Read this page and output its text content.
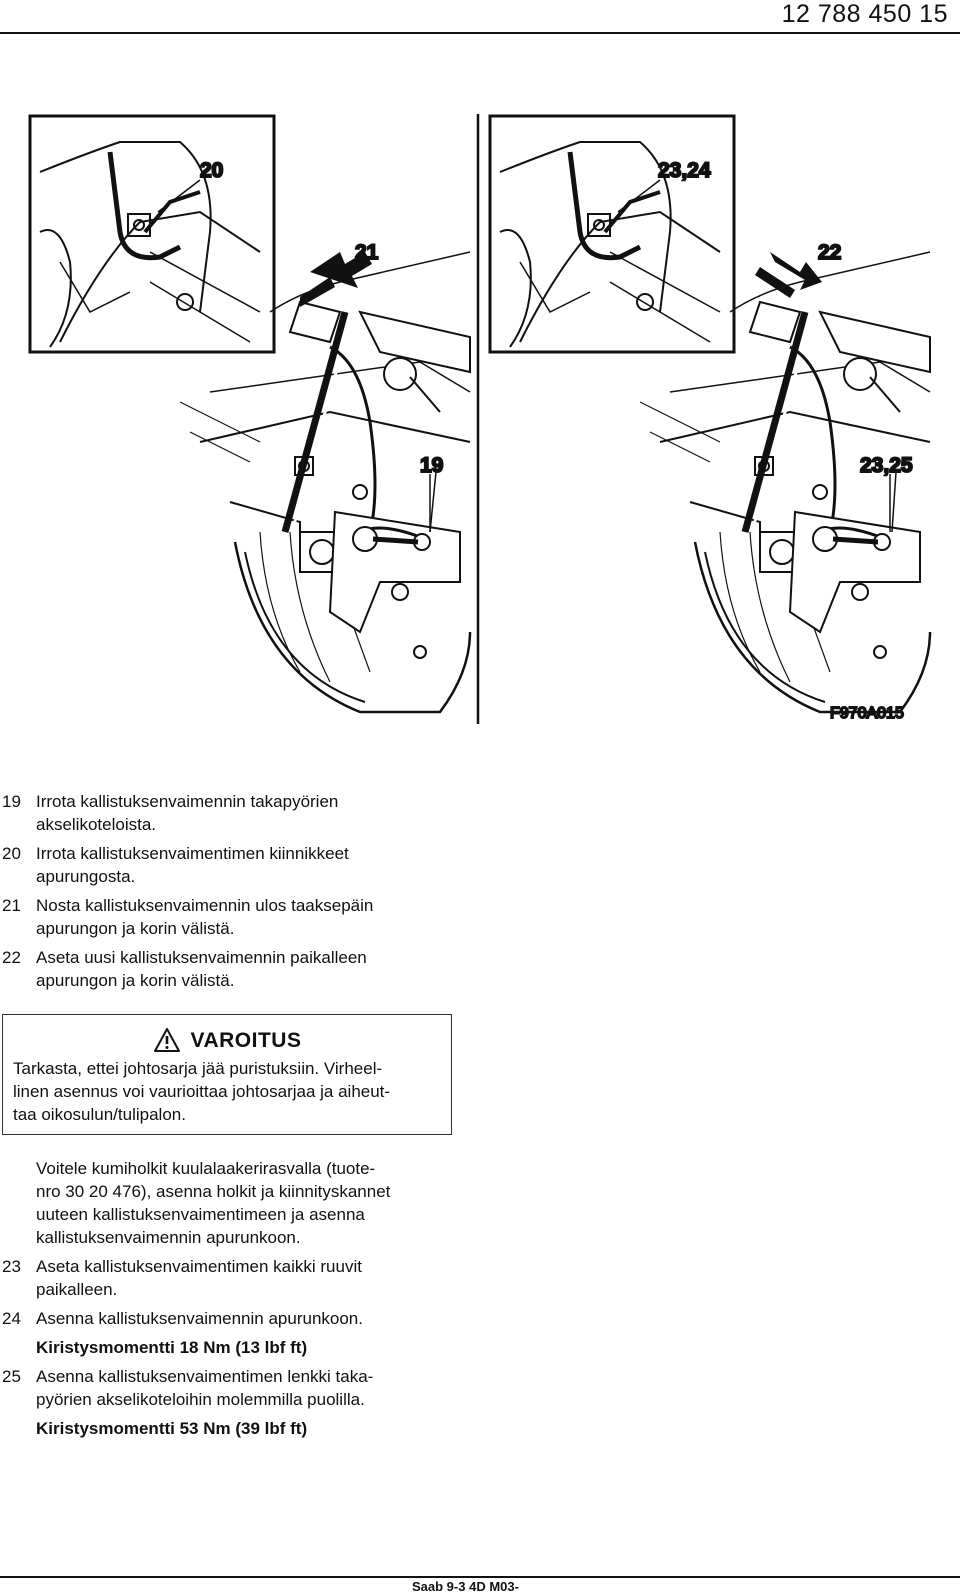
12 788 450 15
20
21
19
23,24
22
23,25
F970A015
19 Irrota kallistuksenvaimennin takapyörien
akselikoteloista.
20 Irrota kallistuksenvaimentimen kiinnikkeet
apurungosta.
21 Nosta kallistuksenvaimennin ulos taaksepäin
apurungon ja korin välistä.
22 Aseta uusi kallistuksenvaimennin paikalleen
apurungon ja korin välistä.
VAROITUS
Tarkasta, ettei johtosarja jää puristuksiin. Virheel-
linen asennus voi vaurioittaa johtosarjaa ja aiheut-
taa oikosulun/tulipalon.
Voitele kumiholkit kuulalaakerirasvalla (tuote-
nro 30 20 476), asenna holkit ja kiinnityskannet
uuteen kallistuksenvaimentimeen ja asenna
kallistuksenvaimennin apurunkoon.
23 Aseta kallistuksenvaimentimen kaikki ruuvit
paikalleen.
24 Asenna kallistuksenvaimennin apurunkoon.
Kiristysmomentti 18 Nm (13 lbf ft)
25 Asenna kallistuksenvaimentimen lenkki taka-
pyörien akselikoteloihin molemmilla puolilla.
Kiristysmomentti 53 Nm (39 lbf ft)
Saab 9-3 4D M03-
